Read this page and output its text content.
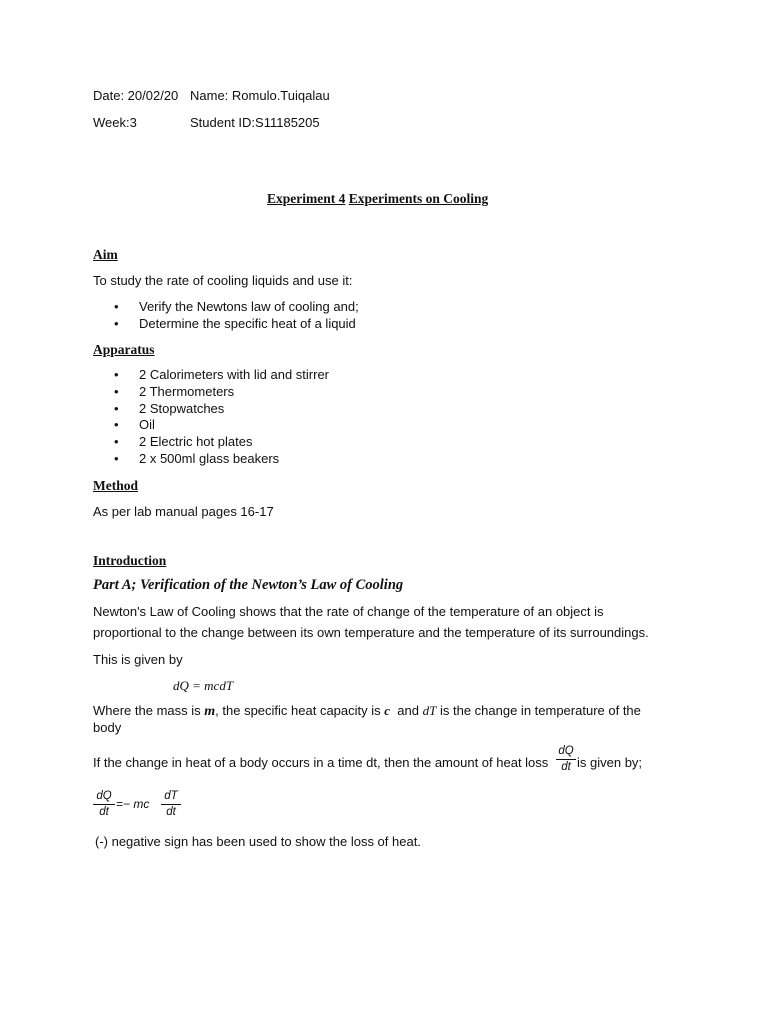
Date: 20/02/20 Name: Romulo.Tuiqalau
Week:3	Student ID:S11185205
Experiment 4 Experiments on Cooling
Aim
To study the rate of cooling liquids and use it:
• Verify the Newtons law of cooling and;
• Determine the specific heat of a liquid
Apparatus
• 2 Calorimeters with lid and stirrer
• 2 Thermometers
• 2 Stopwatches
• Oil
• 2 Electric hot plates
• 2 x 500ml glass beakers
Method
As per lab manual pages 16-17
Introduction
Part A; Verification of the Newton’s Law of Cooling
Newton's Law of Cooling shows that the rate of change of the temperature of an object is proportional to the change between its own temperature and the temperature of its surroundings.
This is given by
dQ = mcdT
Where the mass is m, the specific heat capacity is c and dT is the change in temperature of the
body
If the change in heat of a body occurs in a time dt, then the amount of heat loss
dQ
dt is given by;
dQ
dt
=− mc
dT
dt
(-) negative sign has been used to show the loss of heat.
